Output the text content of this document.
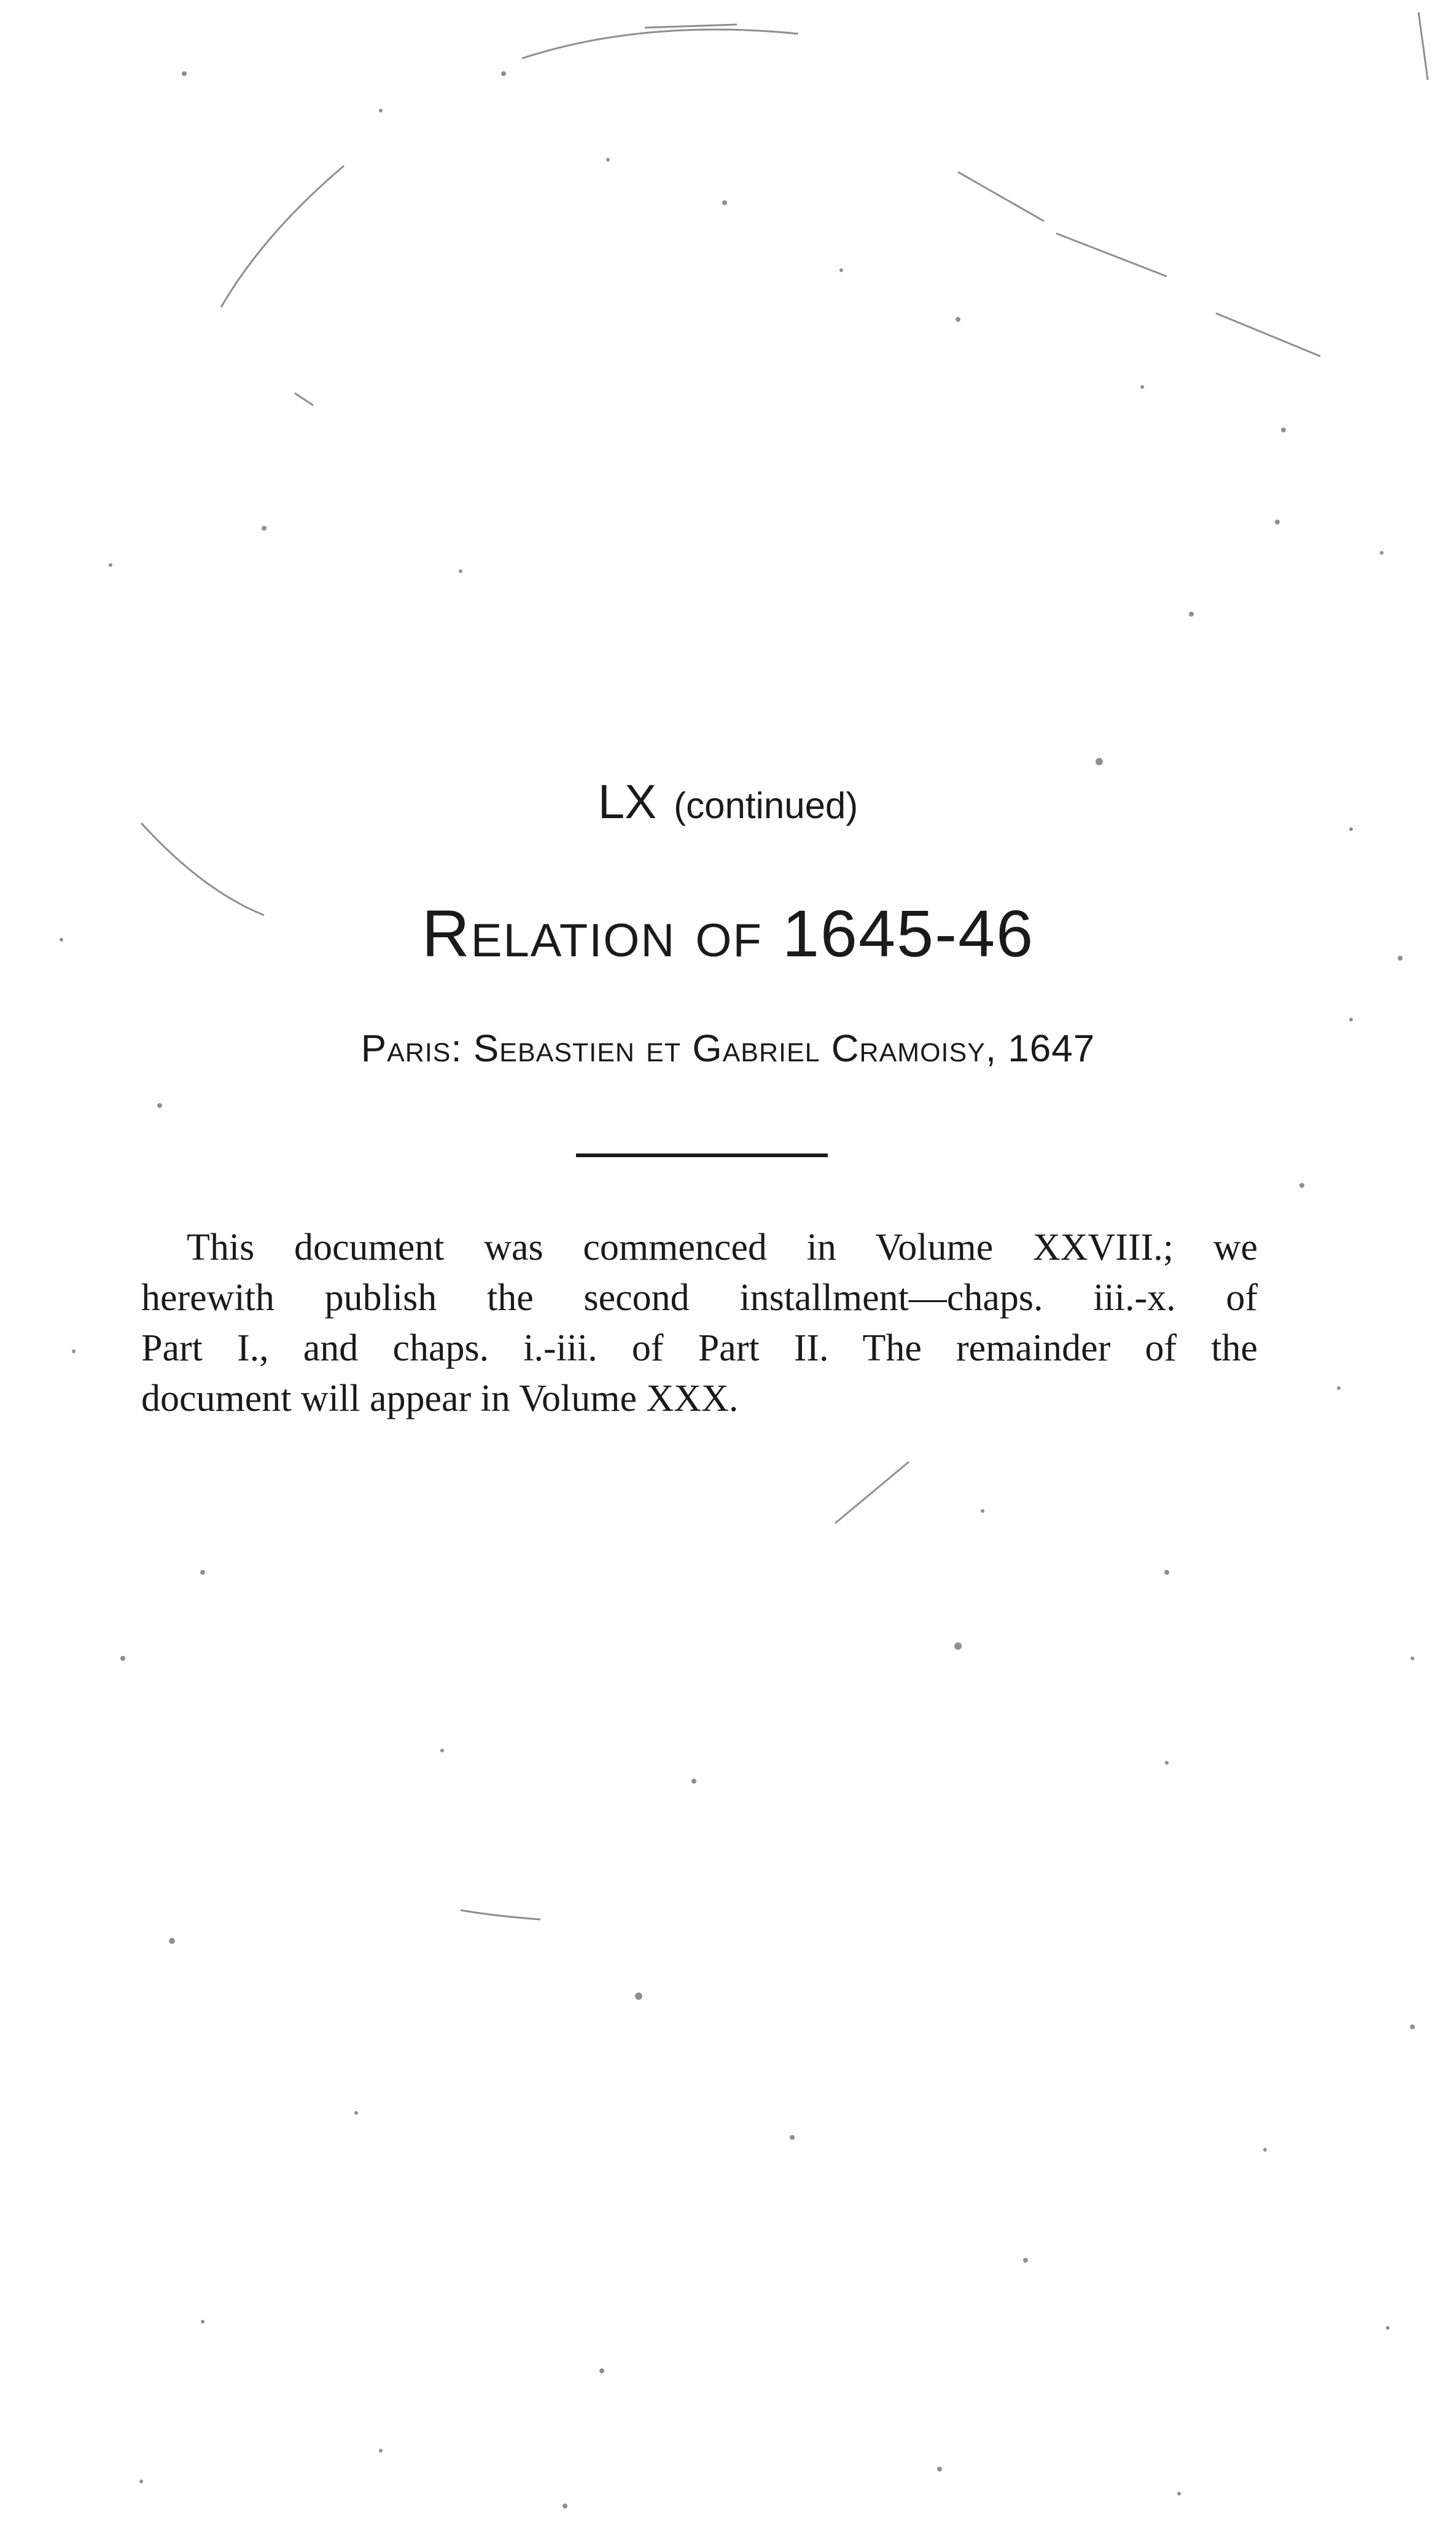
LX (continued)
Relation of 1645-46
Paris: Sebastien et Gabriel Cramoisy, 1647
This document was commenced in Volume XXVIII.; we
herewith publish the second installment—chaps. iii.-x. of
Part I., and chaps. i.-iii. of Part II. The remainder of the
document will appear in Volume XXX.
